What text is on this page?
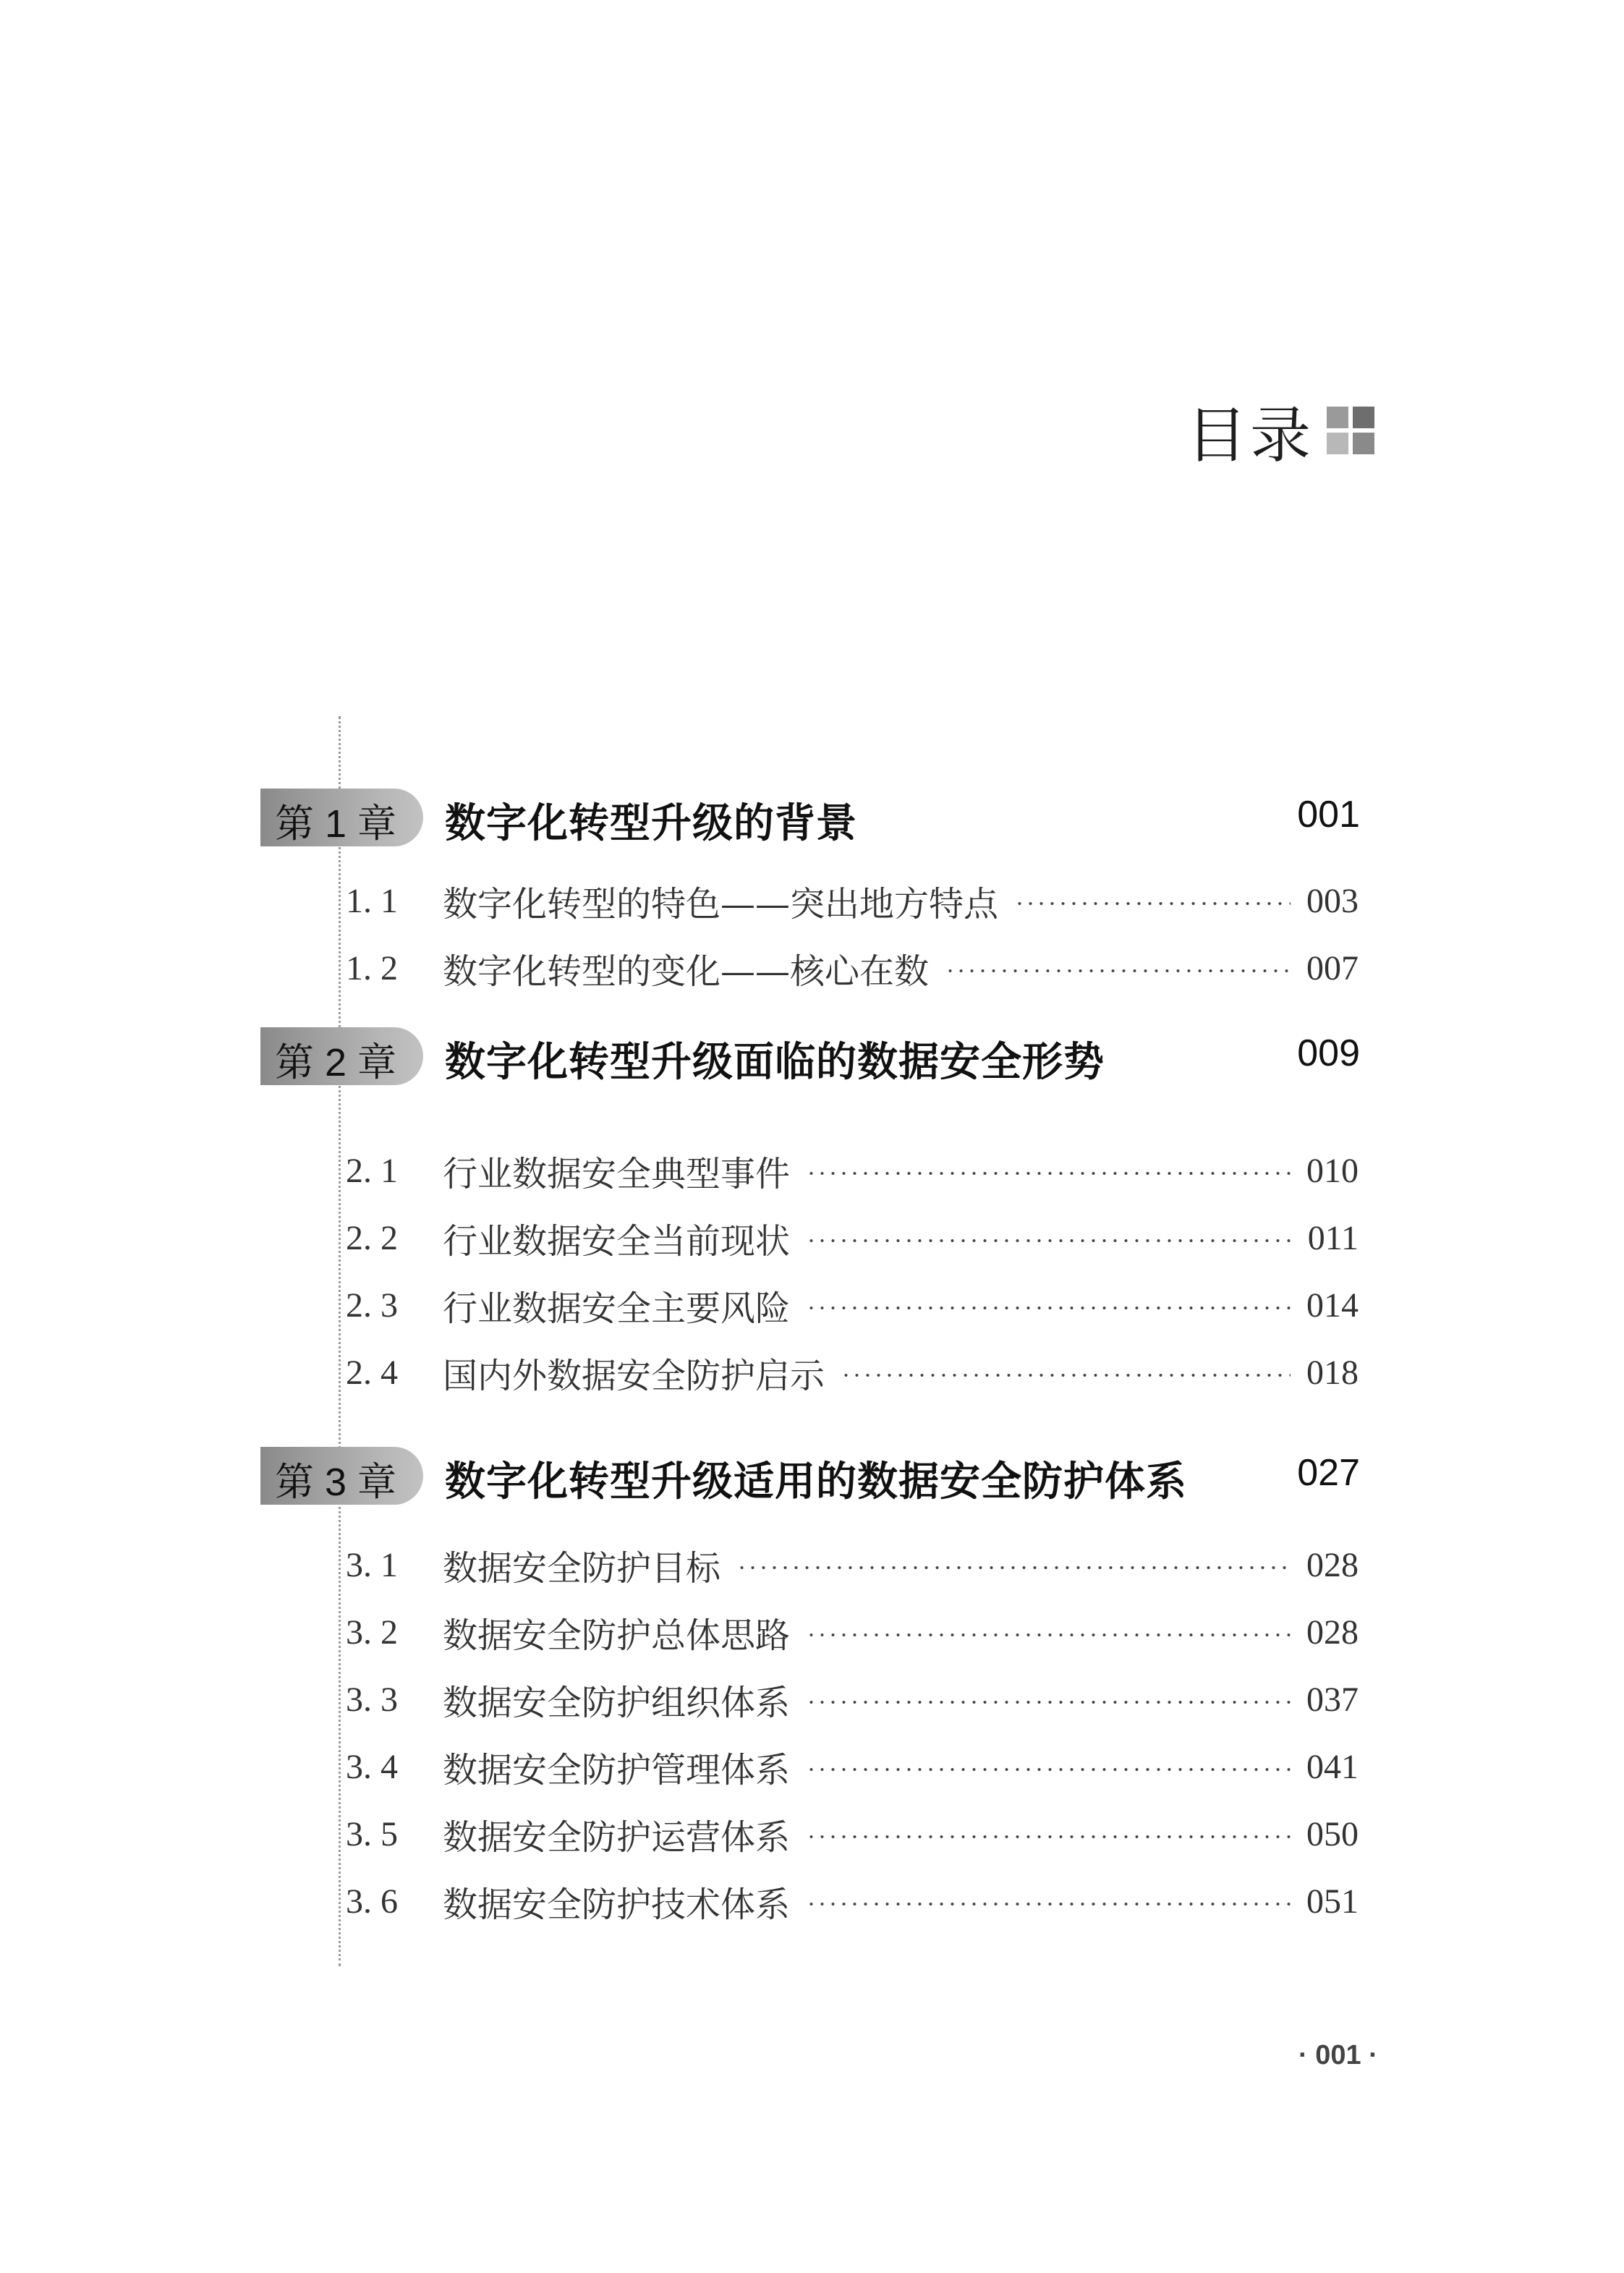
目录
第 1 章 数字化转型升级的背景	001
1. 1	数字化转型的特色——突出地方特点	003
1. 2	数字化转型的变化——核心在数	007
第 2 章 数字化转型升级面临的数据安全形势	009
2. 1	行业数据安全典型事件	010
2. 2	行业数据安全当前现状	011
2. 3	行业数据安全主要风险	014
2. 4	国内外数据安全防护启示	018
第 3 章 数字化转型升级适用的数据安全防护体系	027
3. 1	数据安全防护目标	028
3. 2	数据安全防护总体思路	028
3. 3	数据安全防护组织体系	037
3. 4	数据安全防护管理体系	041
3. 5	数据安全防护运营体系	050
3. 6	数据安全防护技术体系	051
· 001 ·
